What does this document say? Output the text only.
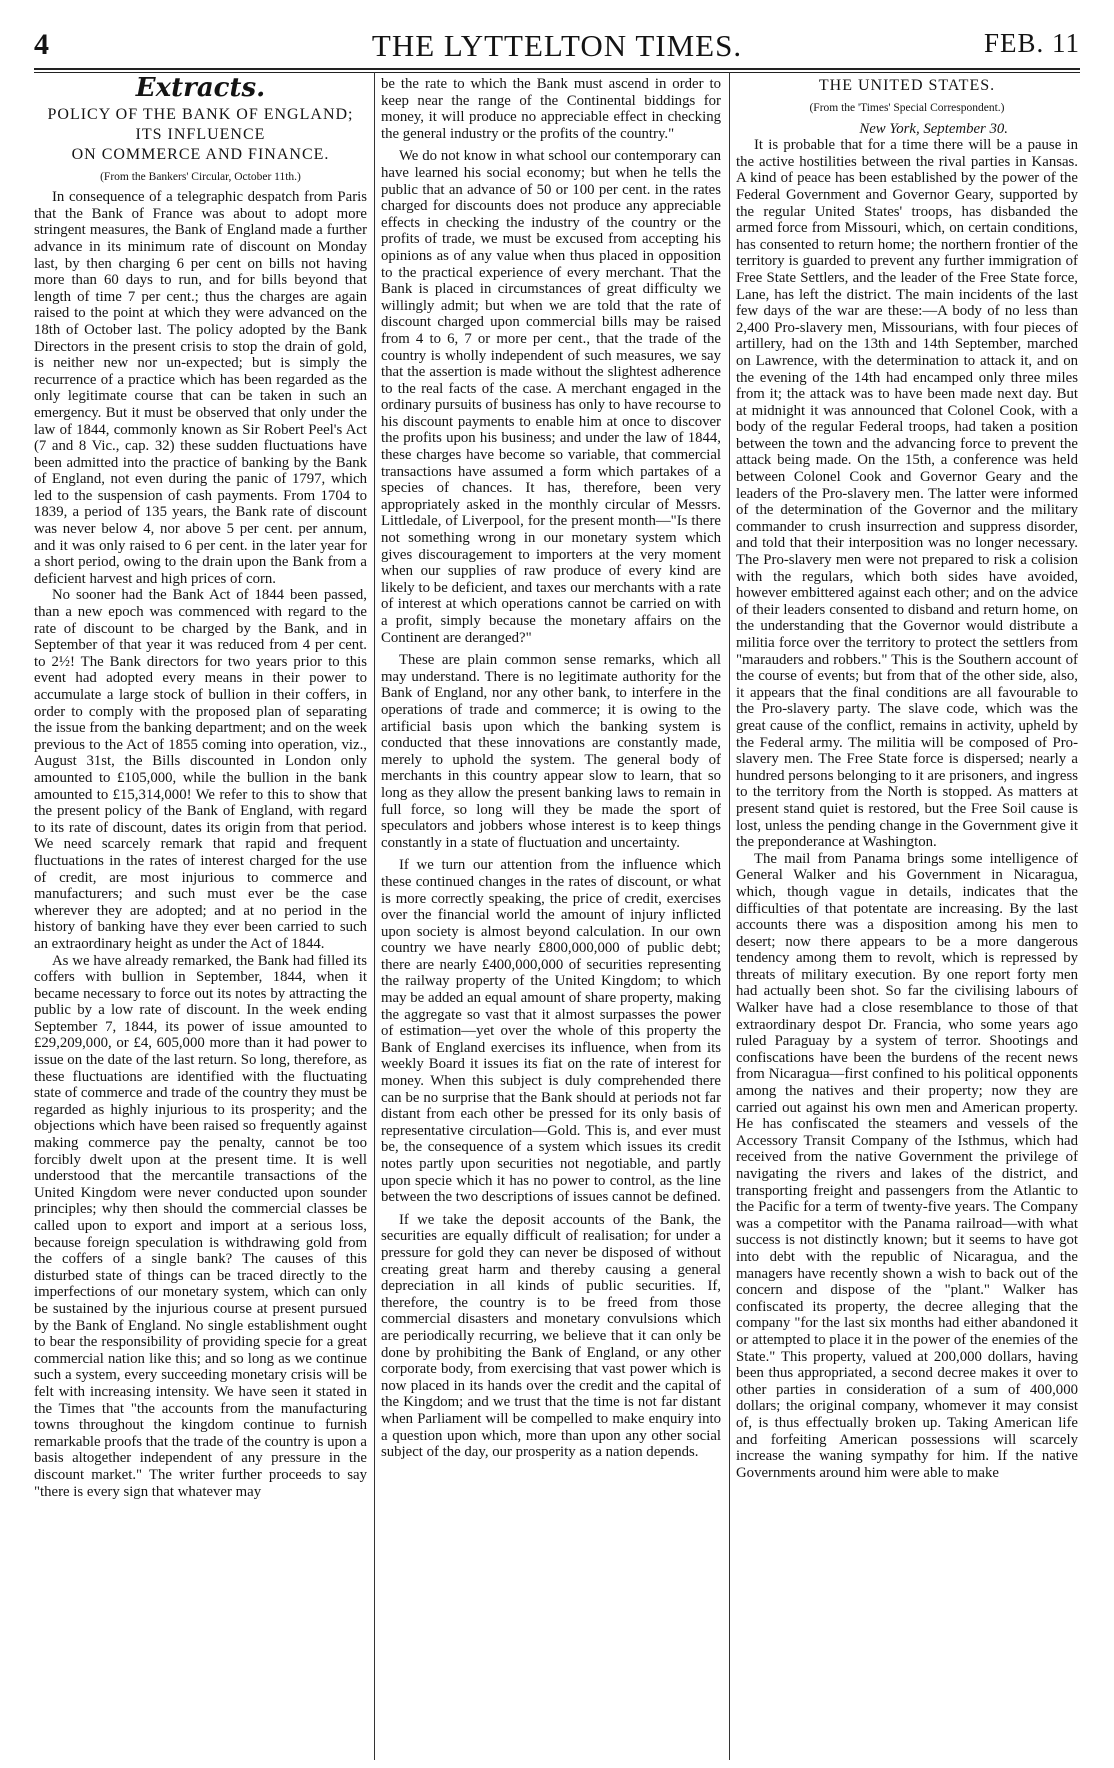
4	THE LYTTELTON TIMES.	FEB. 11
Extracts.
POLICY OF THE BANK OF ENGLAND;
ITS INFLUENCE
ON COMMERCE AND FINANCE.
(From the Bankers' Circular, October 11th.)

In consequence of a telegraphic despatch from Paris that the Bank of France was about to adopt more stringent measures, the Bank of England made a further advance in its minimum rate of discount on Monday last, by then charging 6 per cent on bills not having more than 60 days to run, and for bills beyond that length of time 7 per cent.; thus the charges are again raised to the point at which they were advanced on the 18th of October last. The policy adopted by the Bank Directors in the present crisis to stop the drain of gold, is neither new nor un-expected; but is simply the recurrence of a practice which has been regarded as the only legitimate course that can be taken in such an emergency. But it must be observed that only under the law of 1844, commonly known as Sir Robert Peel's Act (7 and 8 Vic., cap. 32) these sudden fluctuations have been admitted into the practice of banking by the Bank of England, not even during the panic of 1797, which led to the suspension of cash payments. From 1704 to 1839, a period of 135 years, the Bank rate of discount was never below 4, nor above 5 per cent. per annum, and it was only raised to 6 per cent. in the later year for a short period, owing to the drain upon the Bank from a deficient harvest and high prices of corn.

No sooner had the Bank Act of 1844 been passed, than a new epoch was commenced with regard to the rate of discount to be charged by the Bank, and in September of that year it was reduced from 4 per cent. to 2½! The Bank directors for two years prior to this event had adopted every means in their power to accumulate a large stock of bullion in their coffers, in order to comply with the proposed plan of separating the issue from the banking department; and on the week previous to the Act of 1855 coming into operation, viz., August 31st, the Bills discounted in London only amounted to £105,000, while the bullion in the bank amounted to £15,314,000! We refer to this to show that the present policy of the Bank of England, with regard to its rate of discount, dates its origin from that period. We need scarcely remark that rapid and frequent fluctuations in the rates of interest charged for the use of credit, are most injurious to commerce and manufacturers; and such must ever be the case wherever they are adopted; and at no period in the history of banking have they ever been carried to such an extraordinary height as under the Act of 1844.

As we have already remarked, the Bank had filled its coffers with bullion in September, 1844, when it became necessary to force out its notes by attracting the public by a low rate of discount. In the week ending September 7, 1844, its power of issue amounted to £29,209,000, or £4, 605,000 more than it had power to issue on the date of the last return. So long, therefore, as these fluctuations are identified with the fluctuating state of commerce and trade of the country they must be regarded as highly injurious to its prosperity; and the objections which have been raised so frequently against making commerce pay the penalty, cannot be too forcibly dwelt upon at the present time. It is well understood that the mercantile transactions of the United Kingdom were never conducted upon sounder principles; why then should the commercial classes be called upon to export and import at a serious loss, because foreign speculation is withdrawing gold from the coffers of a single bank? The causes of this disturbed state of things can be traced directly to the imperfections of our monetary system, which can only be sustained by the injurious course at present pursued by the Bank of England. No single establishment ought to bear the responsibility of providing specie for a great commercial nation like this; and so long as we continue such a system, every succeeding monetary crisis will be felt with increasing intensity. We have seen it stated in the Times that "the accounts from the manufacturing towns throughout the kingdom continue to furnish remarkable proofs that the trade of the country is upon a basis altogether independent of any pressure in the discount market." The writer further proceeds to say "there is every sign that whatever may

be the rate to which the Bank must ascend in order to keep near the range of the Continental biddings for money, it will produce no appreciable effect in checking the general industry or the profits of the country."

We do not know in what school our contemporary can have learned his social economy; but when he tells the public that an advance of 50 or 100 per cent. in the rates charged for discounts does not produce any appreciable effects in checking the industry of the country or the profits of trade, we must be excused from accepting his opinions as of any value when thus placed in opposition to the practical experience of every merchant. That the Bank is placed in circumstances of great difficulty we willingly admit; but when we are told that the rate of discount charged upon commercial bills may be raised from 4 to 6, 7 or more per cent., that the trade of the country is wholly independent of such measures, we say that the assertion is made without the slightest adherence to the real facts of the case. A merchant engaged in the ordinary pursuits of business has only to have recourse to his discount payments to enable him at once to discover the profits upon his business; and under the law of 1844, these charges have become so variable, that commercial transactions have assumed a form which partakes of a species of chances. It has, therefore, been very appropriately asked in the monthly circular of Messrs. Littledale, of Liverpool, for the present month—"Is there not something wrong in our monetary system which gives discouragement to importers at the very moment when our supplies of raw produce of every kind are likely to be deficient, and taxes our merchants with a rate of interest at which operations cannot be carried on with a profit, simply because the monetary affairs on the Continent are deranged?"

These are plain common sense remarks, which all may understand. There is no legitimate authority for the Bank of England, nor any other bank, to interfere in the operations of trade and commerce; it is owing to the artificial basis upon which the banking system is conducted that these innovations are constantly made, merely to uphold the system. The general body of merchants in this country appear slow to learn, that so long as they allow the present banking laws to remain in full force, so long will they be made the sport of speculators and jobbers whose interest is to keep things constantly in a state of fluctuation and uncertainty.

If we turn our attention from the influence which these continued changes in the rates of discount, or what is more correctly speaking, the price of credit, exercises over the financial world the amount of injury inflicted upon society is almost beyond calculation. In our own country we have nearly £800,000,000 of public debt; there are nearly £400,000,000 of securities representing the railway property of the United Kingdom; to which may be added an equal amount of share property, making the aggregate so vast that it almost surpasses the power of estimation—yet over the whole of this property the Bank of England exercises its influence, when from its weekly Board it issues its fiat on the rate of interest for money. When this subject is duly comprehended there can be no surprise that the Bank should at periods not far distant from each other be pressed for its only basis of representative circulation—Gold. This is, and ever must be, the consequence of a system which issues its credit notes partly upon securities not negotiable, and partly upon specie which it has no power to control, as the line between the two descriptions of issues cannot be defined.

If we take the deposit accounts of the Bank, the securities are equally difficult of realisation; for under a pressure for gold they can never be disposed of without creating great harm and thereby causing a general depreciation in all kinds of public securities. If, therefore, the country is to be freed from those commercial disasters and monetary convulsions which are periodically recurring, we believe that it can only be done by prohibiting the Bank of England, or any other corporate body, from exercising that vast power which is now placed in its hands over the credit and the capital of the Kingdom; and we trust that the time is not far distant when Parliament will be compelled to make enquiry into a question upon which, more than upon any other social subject of the day, our prosperity as a nation depends.

THE UNITED STATES.
(From the 'Times' Special Correspondent.)
New York, September 30.

It is probable that for a time there will be a pause in the active hostilities between the rival parties in Kansas. A kind of peace has been established by the power of the Federal Government and Governor Geary, supported by the regular United States' troops, has disbanded the armed force from Missouri, which, on certain conditions, has consented to return home; the northern frontier of the territory is guarded to prevent any further immigration of Free State Settlers, and the leader of the Free State force, Lane, has left the district. The main incidents of the last few days of the war are these:—A body of no less than 2,400 Pro-slavery men, Missourians, with four pieces of artillery, had on the 13th and 14th September, marched on Lawrence, with the determination to attack it, and on the evening of the 14th had encamped only three miles from it; the attack was to have been made next day. But at midnight it was announced that Colonel Cook, with a body of the regular Federal troops, had taken a position between the town and the advancing force to prevent the attack being made. On the 15th, a conference was held between Colonel Cook and Governor Geary and the leaders of the Pro-slavery men. The latter were informed of the determination of the Governor and the military commander to crush insurrection and suppress disorder, and told that their interposition was no longer necessary. The Pro-slavery men were not prepared to risk a colision with the regulars, which both sides have avoided, however embittered against each other; and on the advice of their leaders consented to disband and return home, on the understanding that the Governor would distribute a militia force over the territory to protect the settlers from "marauders and robbers." This is the Southern account of the course of events; but from that of the other side, also, it appears that the final conditions are all favourable to the Pro-slavery party. The slave code, which was the great cause of the conflict, remains in activity, upheld by the Federal army. The militia will be composed of Pro-slavery men. The Free State force is dispersed; nearly a hundred persons belonging to it are prisoners, and ingress to the territory from the North is stopped. As matters at present stand quiet is restored, but the Free Soil cause is lost, unless the pending change in the Government give it the preponderance at Washington.

The mail from Panama brings some intelligence of General Walker and his Government in Nicaragua, which, though vague in details, indicates that the difficulties of that potentate are increasing. By the last accounts there was a disposition among his men to desert; now there appears to be a more dangerous tendency among them to revolt, which is repressed by threats of military execution. By one report forty men had actually been shot. So far the civilising labours of Walker have had a close resemblance to those of that extraordinary despot Dr. Francia, who some years ago ruled Paraguay by a system of terror. Shootings and confiscations have been the burdens of the recent news from Nicaragua—first confined to his political opponents among the natives and their property; now they are carried out against his own men and American property. He has confiscated the steamers and vessels of the Accessory Transit Company of the Isthmus, which had received from the native Government the privilege of navigating the rivers and lakes of the district, and transporting freight and passengers from the Atlantic to the Pacific for a term of twenty-five years. The Company was a competitor with the Panama railroad—with what success is not distinctly known; but it seems to have got into debt with the republic of Nicaragua, and the managers have recently shown a wish to back out of the concern and dispose of the "plant." Walker has confiscated its property, the decree alleging that the company "for the last six months had either abandoned it or attempted to place it in the power of the enemies of the State." This property, valued at 200,000 dollars, having been thus appropriated, a second decree makes it over to other parties in consideration of a sum of 400,000 dollars; the original company, whomever it may consist of, is thus effectually broken up. Taking American life and forfeiting American possessions will scarcely increase the waning sympathy for him. If the native Governments around him were able to make
